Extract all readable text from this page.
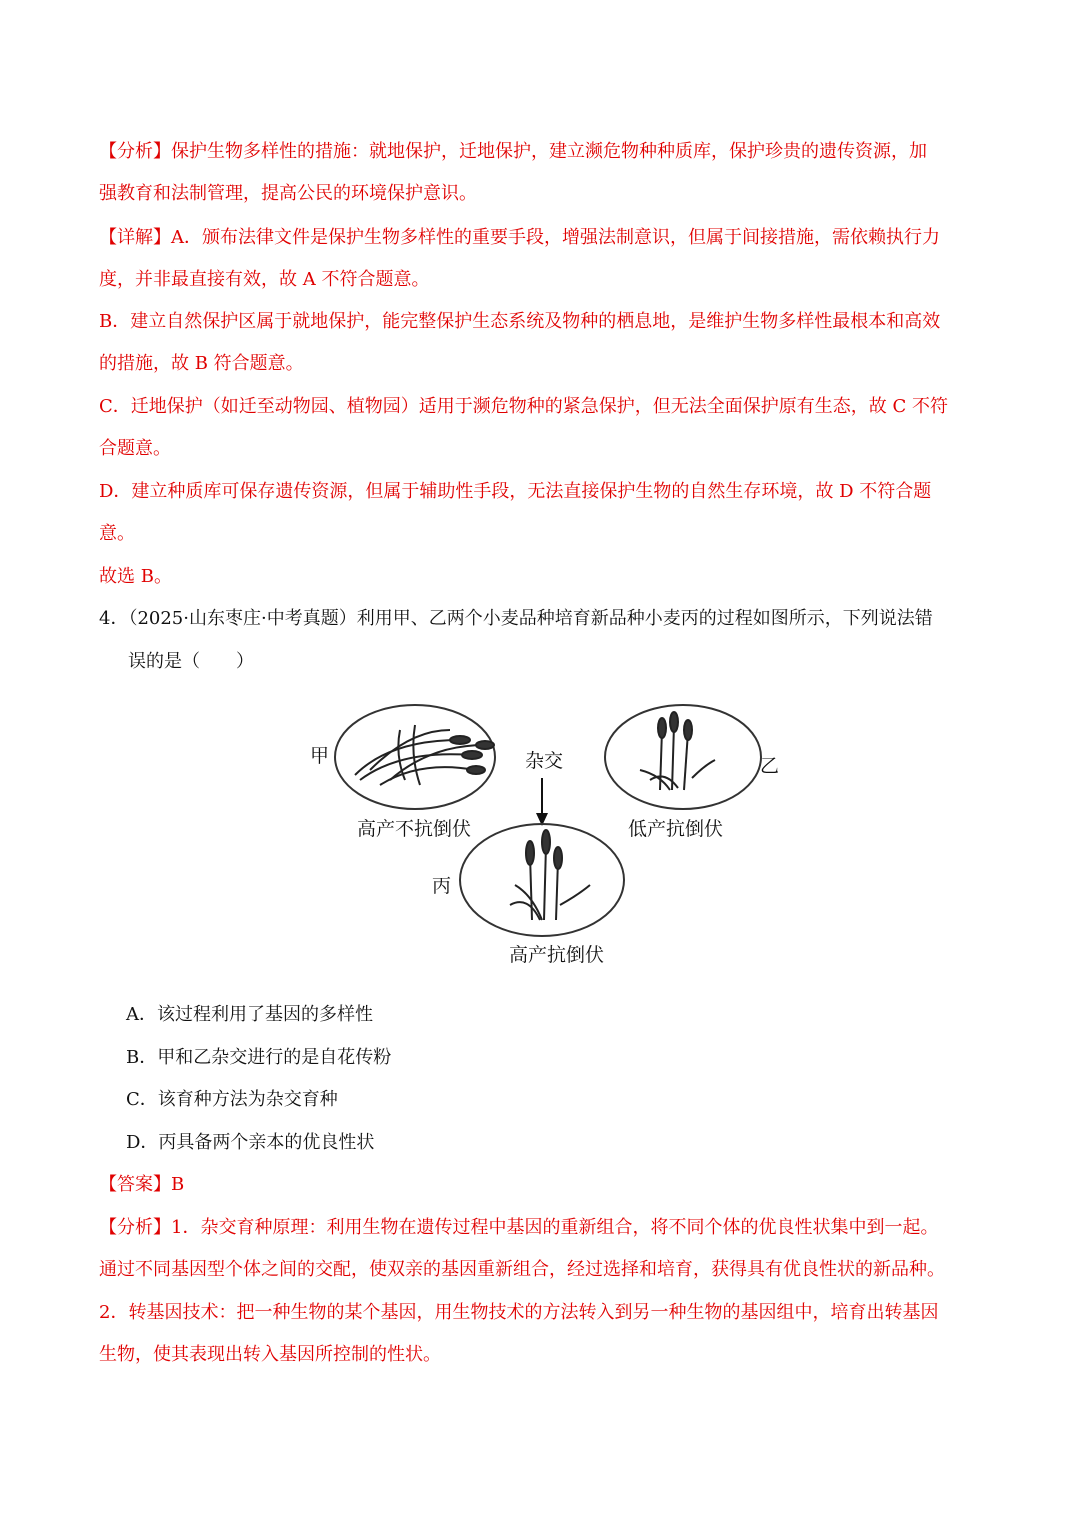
【分析】保护生物多样性的措施：就地保护，迁地保护，建立濒危物种种质库，保护珍贵的遗传资源，加
强教育和法制管理，提高公民的环境保护意识。
【详解】A．颁布法律文件是保护生物多样性的重要手段，增强法制意识，但属于间接措施，需依赖执行力
度，并非最直接有效，故 A 不符合题意。
B．建立自然保护区属于就地保护，能完整保护生态系统及物种的栖息地，是维护生物多样性最根本和高效
的措施，故 B 符合题意。
C．迁地保护（如迁至动物园、植物园）适用于濒危物种的紧急保护，但无法全面保护原有生态，故 C 不符
合题意。
D．建立种质库可保存遗传资源，但属于辅助性手段，无法直接保护生物的自然生存环境，故 D 不符合题
意。
故选 B。
4．（2025·山东枣庄·中考真题）利用甲、乙两个小麦品种培育新品种小麦丙的过程如图所示，下列说法错
误的是（　　）
甲
高产不抗倒伏
杂交	乙
低产抗倒伏
丙
高产抗倒伏
A．该过程利用了基因的多样性
B．甲和乙杂交进行的是自花传粉
C．该育种方法为杂交育种
D．丙具备两个亲本的优良性状
【答案】B
【分析】1．杂交育种原理：利用生物在遗传过程中基因的重新组合，将不同个体的优良性状集中到一起。
通过不同基因型个体之间的交配，使双亲的基因重新组合，经过选择和培育，获得具有优良性状的新品种。
2．转基因技术：把一种生物的某个基因，用生物技术的方法转入到另一种生物的基因组中，培育出转基因
生物，使其表现出转入基因所控制的性状。
